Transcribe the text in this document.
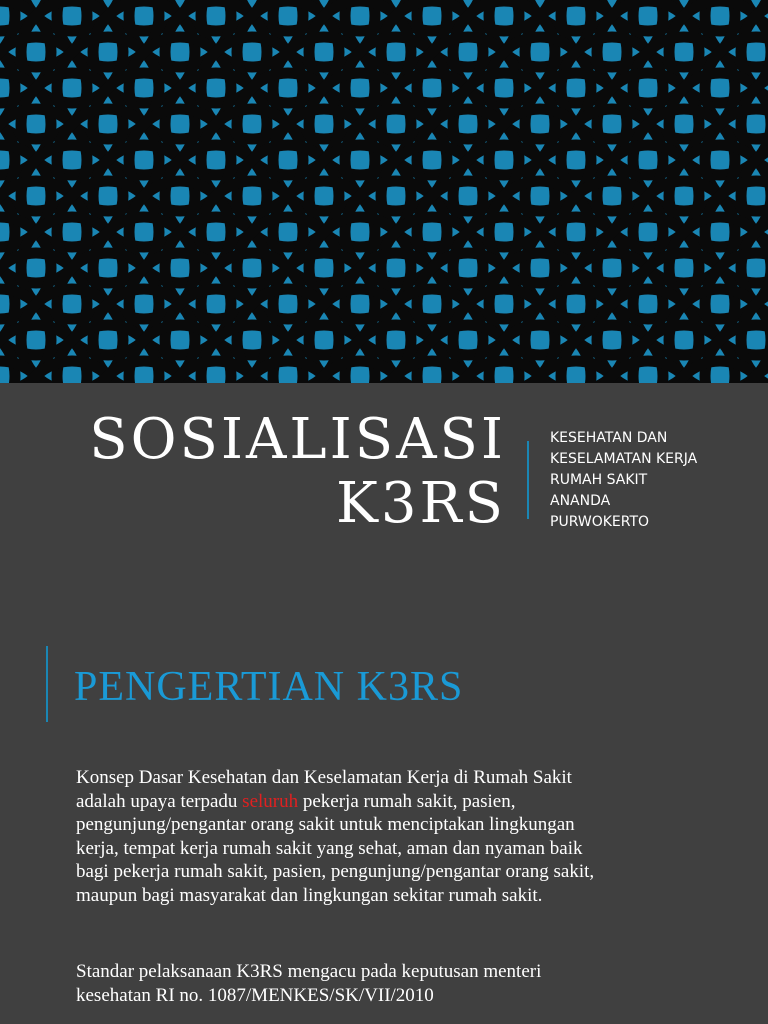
SOSIALISASI
K3RS
KESEHATAN DAN
KESELAMATAN KERJA
RUMAH SAKIT
ANANDA
PURWOKERTO
PENGERTIAN K3RS
Konsep Dasar Kesehatan dan Keselamatan Kerja di Rumah Sakit
adalah upaya terpadu seluruh pekerja rumah sakit, pasien,
pengunjung/pengantar orang sakit untuk menciptakan lingkungan
kerja, tempat kerja rumah sakit yang sehat, aman dan nyaman baik
bagi pekerja rumah sakit, pasien, pengunjung/pengantar orang sakit,
maupun bagi masyarakat dan lingkungan sekitar rumah sakit.
Standar pelaksanaan K3RS mengacu pada keputusan menteri
kesehatan RI no. 1087/MENKES/SK/VII/2010
